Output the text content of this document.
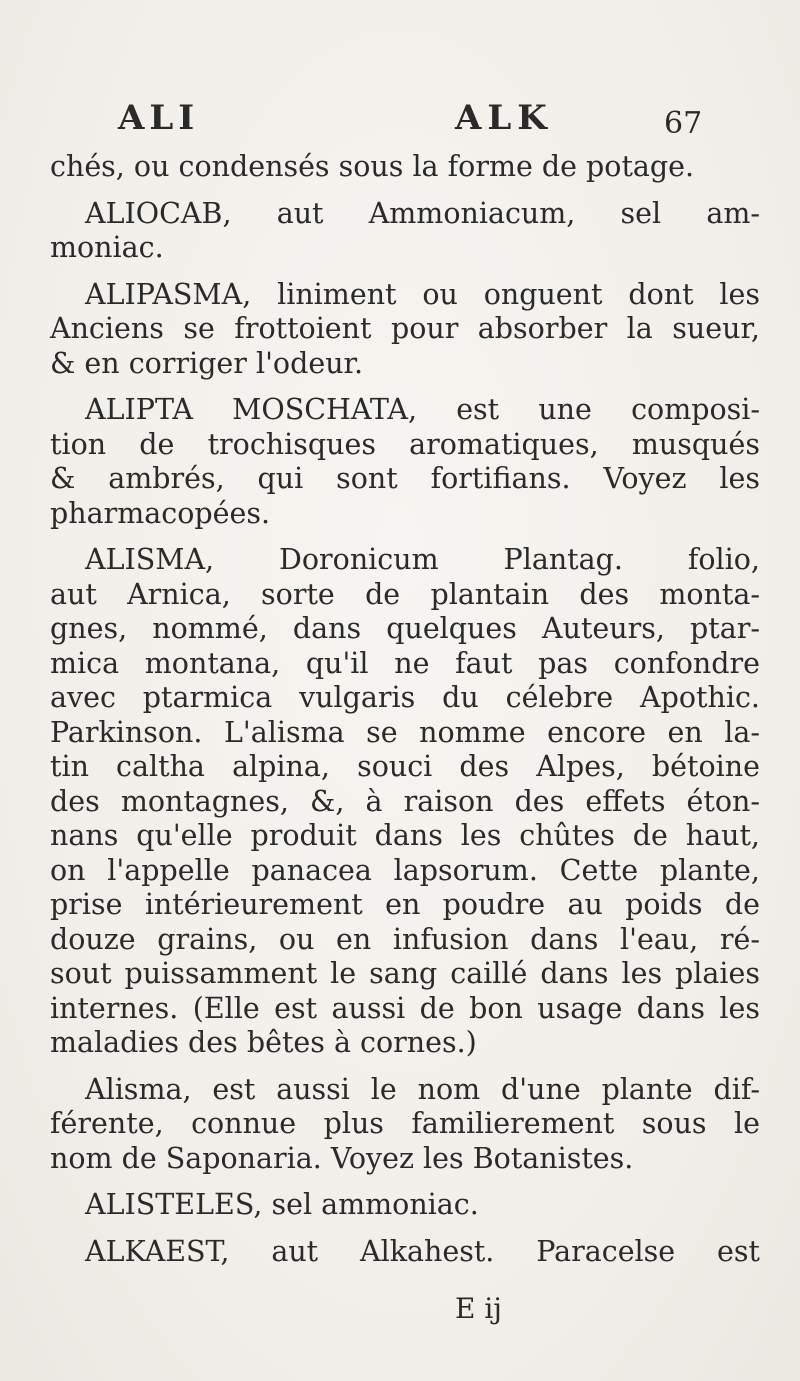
ALI	ALK	67
chés, ou condensés sous la forme de potage.
ALIOCAB, aut Ammoniacum, sel am-
moniac.
ALIPASMA, liniment ou onguent dont les
Anciens se frottoient pour absorber la sueur,
& en corriger l'odeur.
ALIPTA MOSCHATA, est une composi-
tion de trochisques aromatiques, musqués
& ambrés, qui sont fortifians. Voyez les
pharmacopées.
ALISMA, Doronicum Plantag. folio,
aut Arnica, sorte de plantain des monta-
gnes, nommé, dans quelques Auteurs, ptar-
mica montana, qu'il ne faut pas confondre
avec ptarmica vulgaris du célebre Apothic.
Parkinson. L'alisma se nomme encore en la-
tin caltha alpina, souci des Alpes, bétoine
des montagnes, &, à raison des effets éton-
nans qu'elle produit dans les chûtes de haut,
on l'appelle panacea lapsorum. Cette plante,
prise intérieurement en poudre au poids de
douze grains, ou en infusion dans l'eau, ré-
sout puissamment le sang caillé dans les plaies
internes. (Elle est aussi de bon usage dans les
maladies des bêtes à cornes.)
Alisma, est aussi le nom d'une plante dif-
férente, connue plus familierement sous le
nom de Saponaria. Voyez les Botanistes.
ALISTELES, sel ammoniac.
ALKAEST, aut Alkahest. Paracelse est
E ij
